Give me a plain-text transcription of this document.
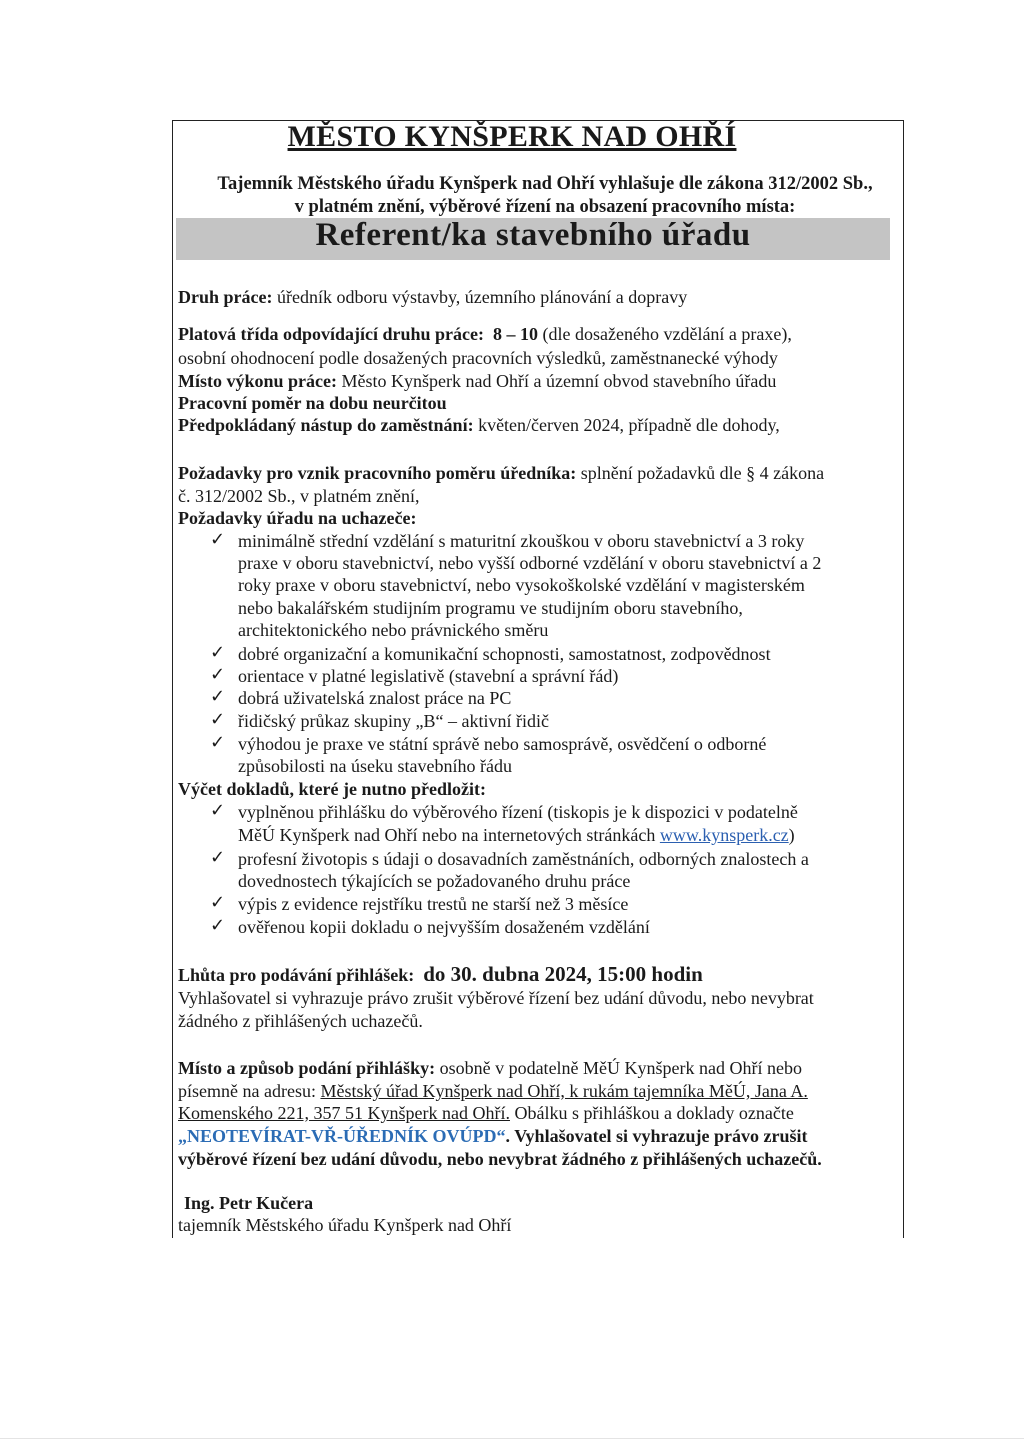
MĚSTO KYNŠPERK NAD OHŘÍ
Tajemník Městského úřadu Kynšperk nad Ohří vyhlašuje dle zákona 312/2002 Sb.,
v platném znění, výběrové řízení na obsazení pracovního místa:
Referent/ka stavebního úřadu
Druh práce: úředník odboru výstavby, územního plánování a dopravy
Platová třída odpovídající druhu práce: 8 – 10 (dle dosaženého vzdělání a praxe),
osobní ohodnocení podle dosažených pracovních výsledků, zaměstnanecké výhody
Místo výkonu práce: Město Kynšperk nad Ohří a územní obvod stavebního úřadu
Pracovní poměr na dobu neurčitou
Předpokládaný nástup do zaměstnání: květen/červen 2024, případně dle dohody,
Požadavky pro vznik pracovního poměru úředníka: splnění požadavků dle § 4 zákona
č. 312/2002 Sb., v platném znění,
Požadavky úřadu na uchazeče:
✓ minimálně střední vzdělání s maturitní zkouškou v oboru stavebnictví a 3 roky
praxe v oboru stavebnictví, nebo vyšší odborné vzdělání v oboru stavebnictví a 2
roky praxe v oboru stavebnictví, nebo vysokoškolské vzdělání v magisterském
nebo bakalářském studijním programu ve studijním oboru stavebního,
architektonického nebo právnického směru
✓ dobré organizační a komunikační schopnosti, samostatnost, zodpovědnost
✓ orientace v platné legislativě (stavební a správní řád)
✓ dobrá uživatelská znalost práce na PC
✓ řidičský průkaz skupiny „B“ – aktivní řidič
✓ výhodou je praxe ve státní správě nebo samosprávě, osvědčení o odborné
způsobilosti na úseku stavebního řádu
Výčet dokladů, které je nutno předložit:
✓ vyplněnou přihlášku do výběrového řízení (tiskopis je k dispozici v podatelně
MěÚ Kynšperk nad Ohří nebo na internetových stránkách www.kynsperk.cz)
✓ profesní životopis s údaji o dosavadních zaměstnáních, odborných znalostech a
dovednostech týkajících se požadovaného druhu práce
✓ výpis z evidence rejstříku trestů ne starší než 3 měsíce
✓ ověřenou kopii dokladu o nejvyšším dosaženém vzdělání
Lhůta pro podávání přihlášek: do 30. dubna 2024, 15:00 hodin
Vyhlašovatel si vyhrazuje právo zrušit výběrové řízení bez udání důvodu, nebo nevybrat
žádného z přihlášených uchazečů.
Místo a způsob podání přihlášky: osobně v podatelně MěÚ Kynšperk nad Ohří nebo
písemně na adresu: Městský úřad Kynšperk nad Ohří, k rukám tajemníka MěÚ, Jana A.
Komenského 221, 357 51 Kynšperk nad Ohří. Obálku s přihláškou a doklady označte
„NEOTEVÍRAT-VŘ-ÚŘEDNÍK OVÚPD“. Vyhlašovatel si vyhrazuje právo zrušit
výběrové řízení bez udání důvodu, nebo nevybrat žádného z přihlášených uchazečů.
Ing. Petr Kučera
tajemník Městského úřadu Kynšperk nad Ohří
